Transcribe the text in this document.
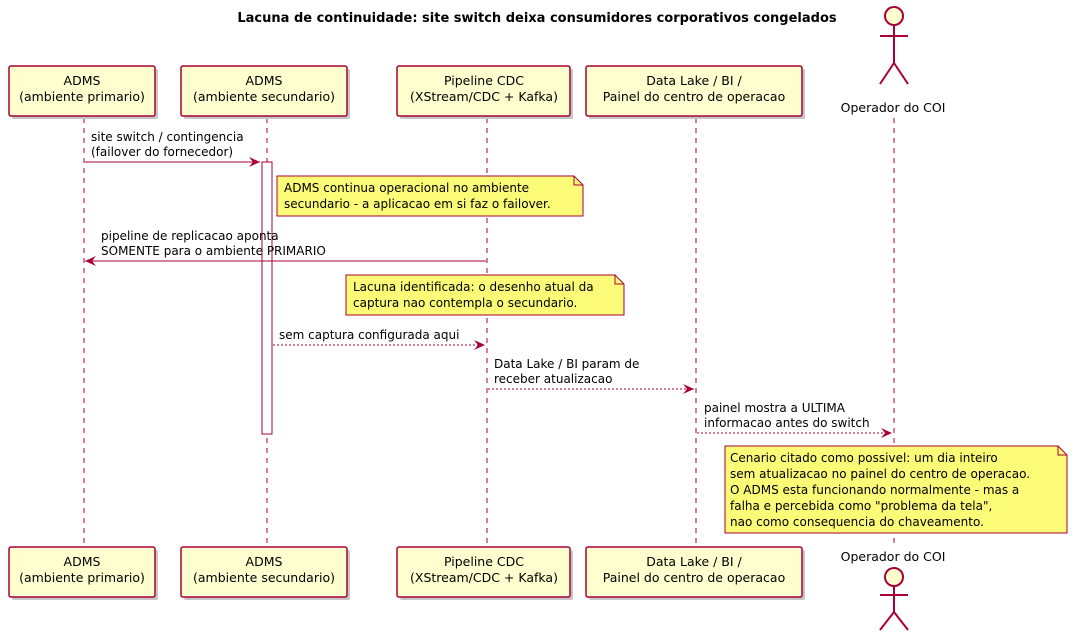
Lacuna de continuidade: site switch deixa consumidores corporativos congelados
ADMS
(ambiente primario)
ADMS
(ambiente secundario)
Pipeline CDC
(XStream/CDC + Kafka)
Data Lake / BI /
Painel do centro de operacao
Operador do COI
ADMS
(ambiente primario)
ADMS
(ambiente secundario)
Pipeline CDC
(XStream/CDC + Kafka)
Data Lake / BI /
Painel do centro de operacao
Operador do COI
site switch / contingencia
(failover do fornecedor)
ADMS continua operacional no ambiente
secundario - a aplicacao em si faz o failover.
pipeline de replicacao aponta
SOMENTE para o ambiente PRIMARIO
Lacuna identificada: o desenho atual da
captura nao contempla o secundario.
sem captura configurada aqui
Data Lake / BI param de
receber atualizacao
painel mostra a ULTIMA
informacao antes do switch
Cenario citado como possivel: um dia inteiro
sem atualizacao no painel do centro de operacao.
O ADMS esta funcionando normalmente - mas a
falha e percebida como "problema da tela",
nao como consequencia do chaveamento.
